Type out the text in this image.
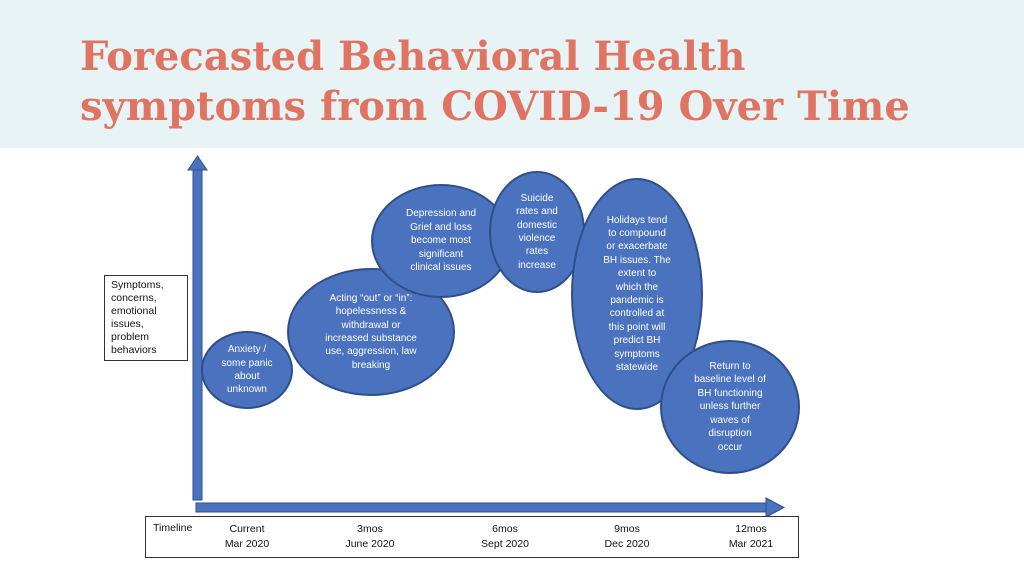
Forecasted Behavioral Health
symptoms from COVID-19 Over Time
Symptoms,
concerns,
emotional
issues,
problem
behaviors	Anxiety /
some panic
about
unknown
Acting “out” or “in”:
hopelessness &
withdrawal or
increased substance
use, aggression, law
breaking
Depression and
Grief and loss
become most
significant
clinical issues
Suicide
rates and
domestic
violence
rates
increase
Holidays tend
to compound
or exacerbate
BH issues. The
extent to
which the
pandemic is
controlled at
this point will
predict BH
symptoms
statewide	Return to
baseline level of
BH functioning
unless further
waves of
disruption
occur
Timeline	Current
Mar 2020
3mos
June 2020
6mos
Sept 2020
9mos
Dec 2020
12mos
Mar 2021
